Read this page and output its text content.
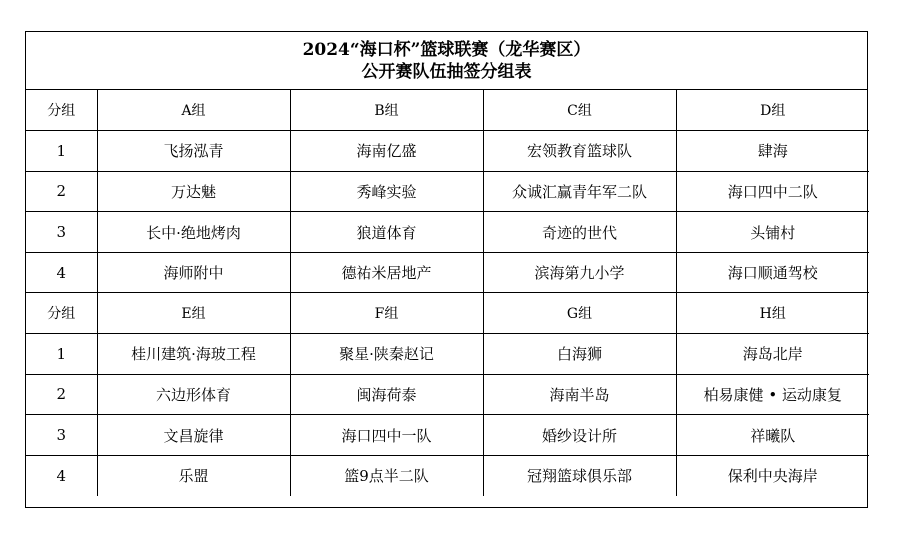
2024“海口杯”篮球联赛（龙华赛区）
公开赛队伍抽签分组表
分组	A组	B组	C组	D组
1	飞扬泓青	海南亿盛	宏领教育篮球队	肆海
2	万达魅	秀峰实验	众诚汇赢青年军二队	海口四中二队
3	长中·绝地烤肉	狼道体育	奇迹的世代	头铺村
4	海师附中	德祐米居地产	滨海第九小学	海口顺通驾校
分组	E组	F组	G组	H组
1	桂川建筑·海玻工程	聚星·陕秦赵记	白海狮	海岛北岸
2	六边形体育	闽海荷泰	海南半岛	柏易康健 • 运动康复
3	文昌旋律	海口四中一队	婚纱设计所	祥曦队
4	乐盟	篮9点半二队	冠翔篮球俱乐部	保利中央海岸
